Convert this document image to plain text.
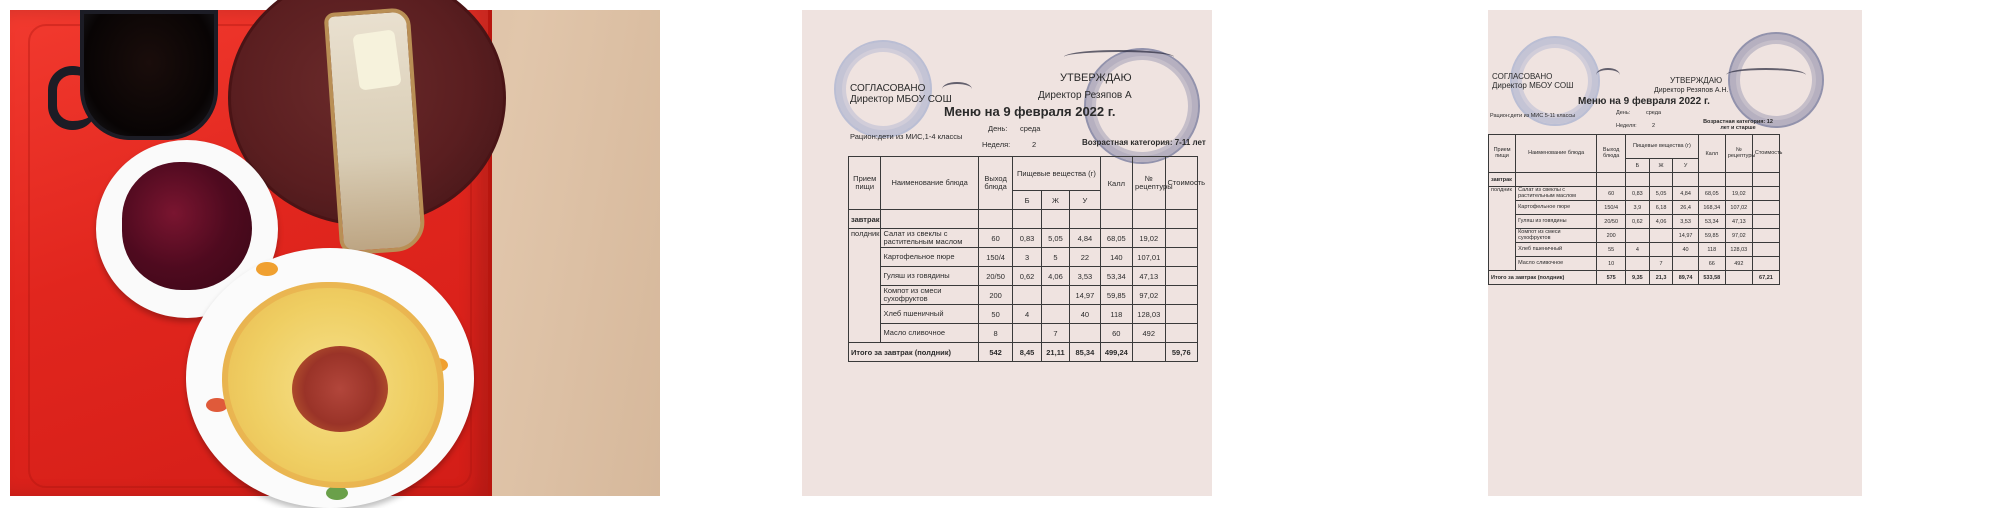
СОГЛАСОВАНО
Директор МБОУ СОШ
УТВЕРЖДАЮ
Директор Резяпов А
Меню на 9 февраля 2022 г.
Рацион:дети из МИС,1-4 классы
День: среда
Неделя:	2	Возрастная категория: 7-11 лет
Прием пищи	Наименование блюда	Выход блюда	Пищевые вещества (г)			Калл	№ рецептуры	Стоимость
			Б	Ж	У			
завтрак								
полдник	Салат из свеклы с растительным маслом	60	0,83	5,05	4,84	68,05	19,02	
	Картофельное пюре	150/4	3	5	22	140	107,01	
	Гуляш из говядины	20/50	0,62	4,06	3,53	53,34	47,13	
	Компот из смеси сухофруктов	200			14,97	59,85	97,02	
	Хлеб пшеничный	50	4		40	118	128,03	
	Масло сливочное	8		7		60	492	
Итого за завтрак (полдник)		542	8,45	21,11	85,34	499,24		59,76
СОГЛАСОВАНО
Директор МБОУ СОШ
УТВЕРЖДАЮ
Директор Резяпов А.Н.
Меню на 9 февраля 2022 г.
Рацион:дети из МИС 5-11 классы	День:	среда
Неделя:	2
Возрастная категория: 12 лет и старше
Прием пищи	Наименование блюда	Выход блюда	Пищевые вещества (г)			Калл	№ рецептуры	Стоимость
			Б	Ж	У			
завтрак								
полдник	Салат из свеклы с растительным маслом	60	0,83	5,05	4,84	68,05	19,02	
	Картофельное пюре	150/4	3,9	6,18	26,4	168,34	107,02	
	Гуляш из говядины	20/50	0,62	4,06	3,53	53,34	47,13	
	Компот из смеси сухофруктов	200			14,97	59,85	97,02	
	Хлеб пшеничный	55	4		40	118	128,03	
	Масло сливочное	10		7		66	492	
Итого за завтрак (полдник)		575	9,35	21,3	89,74	533,58		67,21
